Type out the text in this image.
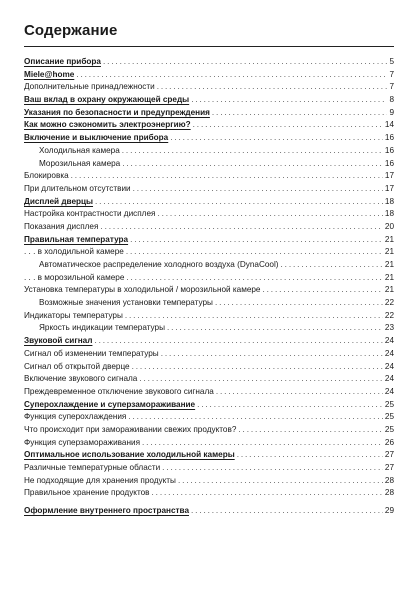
Содержание
Описание прибора . . .	5
Miele@home . . .	7
Дополнительные принадлежности . . .	7
Ваш вклад в охрану окружающей среды . . .	8
Указания по безопасности и предупреждения . . .	9
Как можно сэкономить электроэнергию? . . .	14
Включение и выключение прибора . . .	16
Холодильная камера . . .	16
Морозильная камера . . .	16
Блокировка . . .	17
При длительном отсутствии . . .	17
Дисплей дверцы . . .	18
Настройка контрастности дисплея . . .	18
Показания дисплея . . .	20
Правильная температура . . .	21
. . . в холодильной камере . . .	21
Автоматическое распределение холодного воздуха (DynaCool) . . .	21
. . . в морозильной камере . . .	21
Установка температуры в холодильной / морозильной камере . . .	21
Возможные значения установки температуры . . .	22
Индикаторы температуры . . .	22
Яркость индикации температуры . . .	23
Звуковой сигнал . . .	24
Сигнал об изменении температуры . . .	24
Сигнал об открытой дверце . . .	24
Включение звукового сигнала . . .	24
Преждевременное отключение звукового сигнала . . .	24
Суперохлаждение и суперзамораживание . . .	25
Функция суперохлаждения . . .	25
Что происходит при замораживании свежих продуктов? . . .	25
Функция суперзамораживания . . .	26
Оптимальное использование холодильной камеры . . .	27
Различные температурные области . . .	27
Не подходящие для хранения продукты . . .	28
Правильное хранение продуктов . . .	28
Оформление внутреннего пространства . . .	29
